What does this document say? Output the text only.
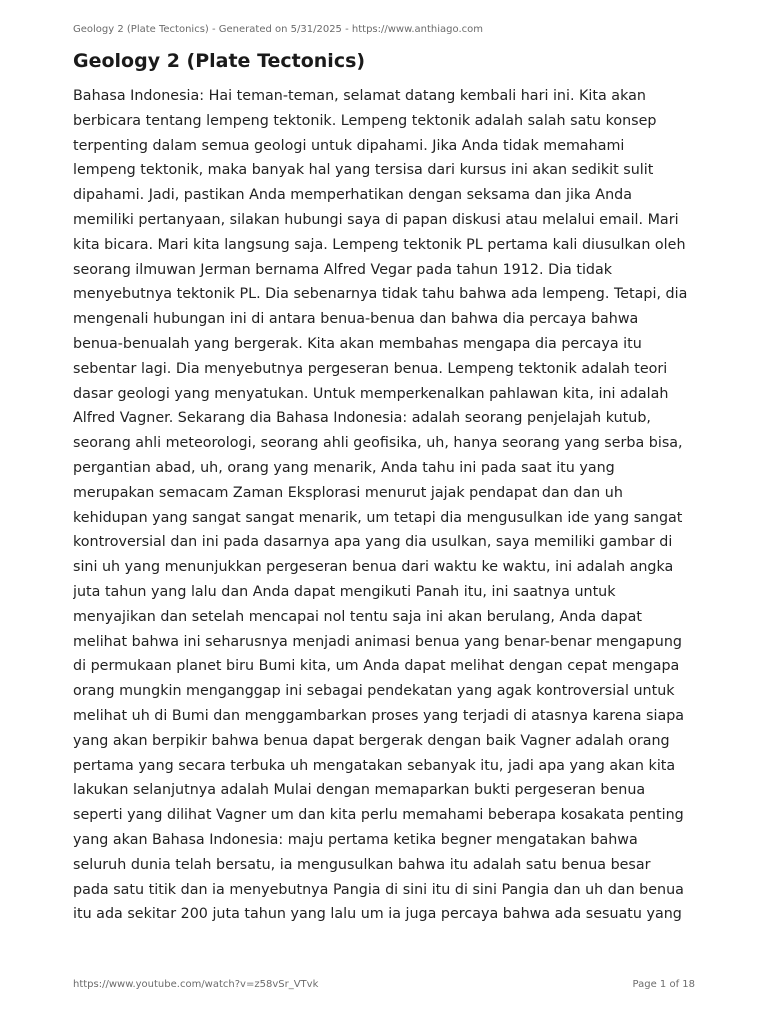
Geology 2 (Plate Tectonics) - Generated on 5/31/2025 - https://www.anthiago.com
Geology 2 (Plate Tectonics)
Bahasa Indonesia: Hai teman-teman, selamat datang kembali hari ini. Kita akan
berbicara tentang lempeng tektonik. Lempeng tektonik adalah salah satu konsep
terpenting dalam semua geologi untuk dipahami. Jika Anda tidak memahami
lempeng tektonik, maka banyak hal yang tersisa dari kursus ini akan sedikit sulit
dipahami. Jadi, pastikan Anda memperhatikan dengan seksama dan jika Anda
memiliki pertanyaan, silakan hubungi saya di papan diskusi atau melalui email. Mari
kita bicara. Mari kita langsung saja. Lempeng tektonik PL pertama kali diusulkan oleh
seorang ilmuwan Jerman bernama Alfred Vegar pada tahun 1912. Dia tidak
menyebutnya tektonik PL. Dia sebenarnya tidak tahu bahwa ada lempeng. Tetapi, dia
mengenali hubungan ini di antara benua-benua dan bahwa dia percaya bahwa
benua-benualah yang bergerak. Kita akan membahas mengapa dia percaya itu
sebentar lagi. Dia menyebutnya pergeseran benua. Lempeng tektonik adalah teori
dasar geologi yang menyatukan. Untuk memperkenalkan pahlawan kita, ini adalah
Alfred Vagner. Sekarang dia Bahasa Indonesia: adalah seorang penjelajah kutub,
seorang ahli meteorologi, seorang ahli geofisika, uh, hanya seorang yang serba bisa,
pergantian abad, uh, orang yang menarik, Anda tahu ini pada saat itu yang
merupakan semacam Zaman Eksplorasi menurut jajak pendapat dan dan uh
kehidupan yang sangat sangat menarik, um tetapi dia mengusulkan ide yang sangat
kontroversial dan ini pada dasarnya apa yang dia usulkan, saya memiliki gambar di
sini uh yang menunjukkan pergeseran benua dari waktu ke waktu, ini adalah angka
juta tahun yang lalu dan Anda dapat mengikuti Panah itu, ini saatnya untuk
menyajikan dan setelah mencapai nol tentu saja ini akan berulang, Anda dapat
melihat bahwa ini seharusnya menjadi animasi benua yang benar-benar mengapung
di permukaan planet biru Bumi kita, um Anda dapat melihat dengan cepat mengapa
orang mungkin menganggap ini sebagai pendekatan yang agak kontroversial untuk
melihat uh di Bumi dan menggambarkan proses yang terjadi di atasnya karena siapa
yang akan berpikir bahwa benua dapat bergerak dengan baik Vagner adalah orang
pertama yang secara terbuka uh mengatakan sebanyak itu, jadi apa yang akan kita
lakukan selanjutnya adalah Mulai dengan memaparkan bukti pergeseran benua
seperti yang dilihat Vagner um dan kita perlu memahami beberapa kosakata penting
yang akan Bahasa Indonesia: maju pertama ketika begner mengatakan bahwa
seluruh dunia telah bersatu, ia mengusulkan bahwa itu adalah satu benua besar
pada satu titik dan ia menyebutnya Pangia di sini itu di sini Pangia dan uh dan benua
itu ada sekitar 200 juta tahun yang lalu um ia juga percaya bahwa ada sesuatu yang
https://www.youtube.com/watch?v=z58vSr_VTvk	Page 1 of 18
